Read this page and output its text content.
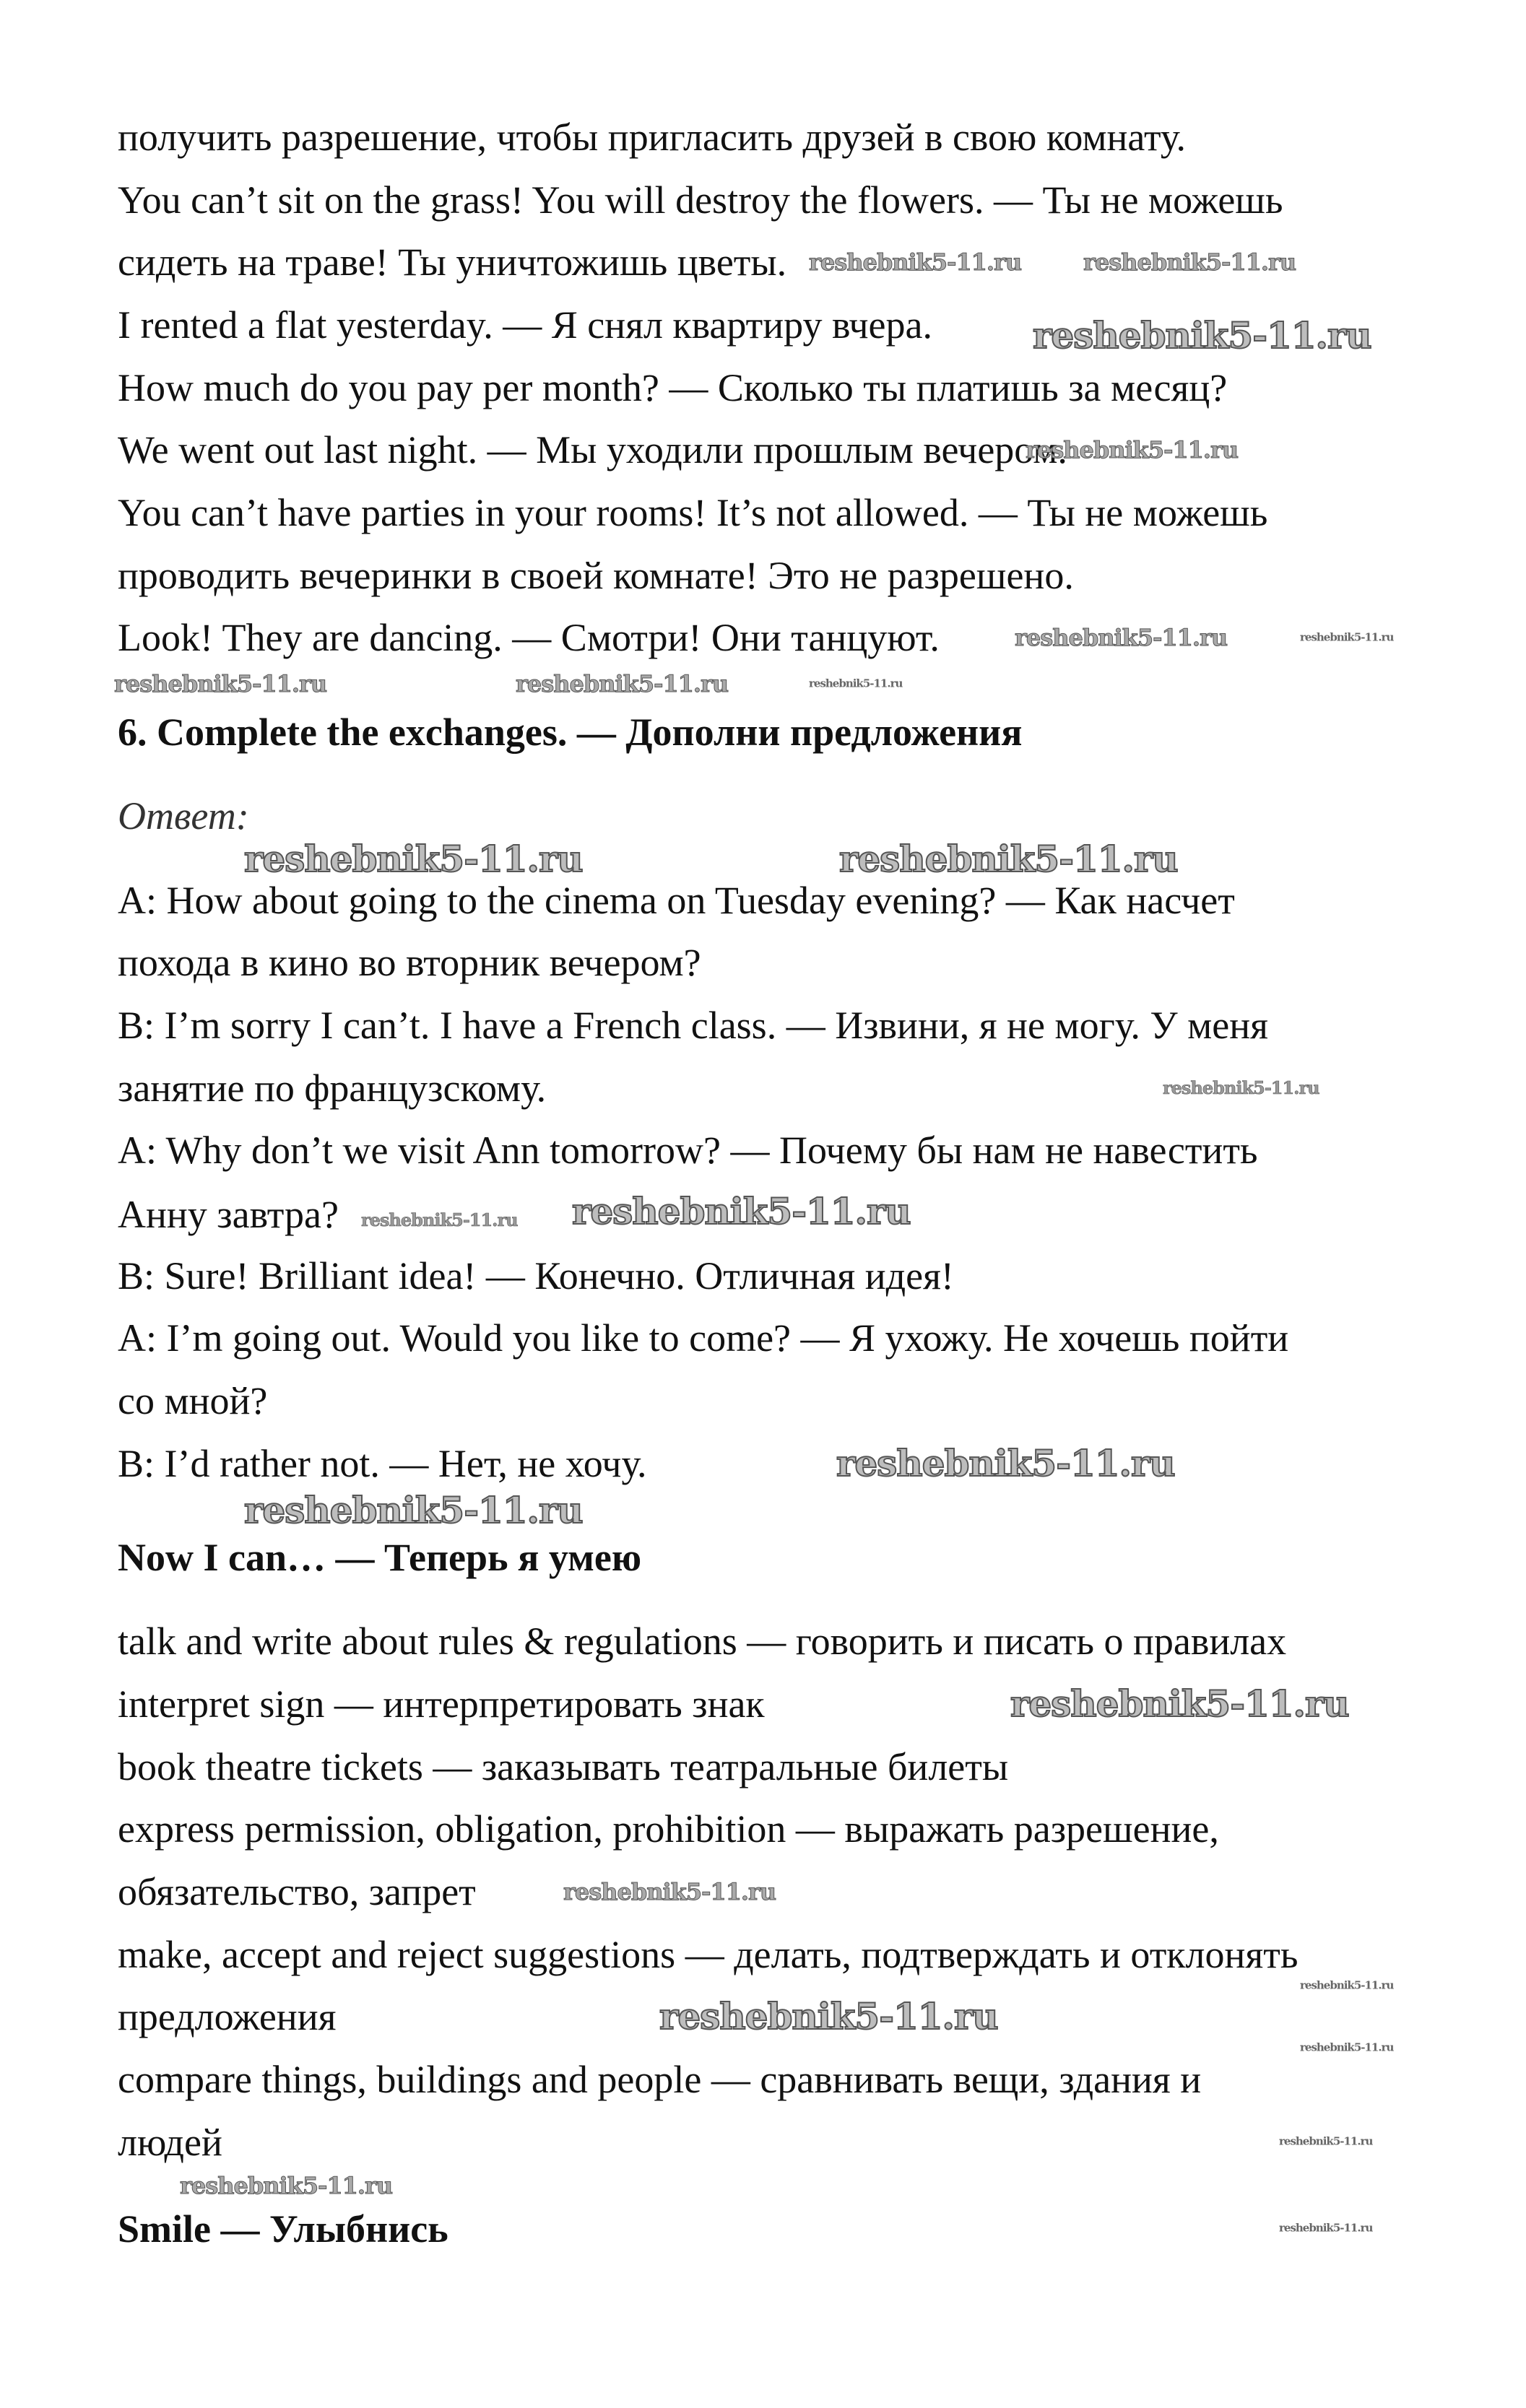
получить разрешение, чтобы пригласить друзей в свою комнату.
You can’t sit on the grass! You will destroy the flowers. — Ты не можешь
сидеть на траве! Ты уничтожишь цветы.
I rented a flat yesterday. — Я снял квартиру вчера.
How much do you pay per month? — Сколько ты платишь за месяц?
We went out last night. — Мы уходили прошлым вечером.
You can’t have parties in your rooms! It’s not allowed. — Ты не можешь
проводить вечеринки в своей комнате! Это не разрешено.
Look! They are dancing. — Смотри! Они танцуют.
6. Complete the exchanges. — Дополни предложения
Ответ:
A: How about going to the cinema on Tuesday evening? — Как насчет
похода в кино во вторник вечером?
B: I’m sorry I can’t. I have a French class. — Извини, я не могу. У меня
занятие по французскому.
A: Why don’t we visit Ann tomorrow? — Почему бы нам не навестить
Анну завтра?
B: Sure! Brilliant idea! — Конечно. Отличная идея!
A: I’m going out. Would you like to come? — Я ухожу. Не хочешь пойти
со мной?
B: I’d rather not. — Нет, не хочу.
Now I can… — Теперь я умею
talk and write about rules & regulations — говорить и писать о правилах
interpret sign — интерпретировать знак
book theatre tickets — заказывать театральные билеты
express permission, obligation, prohibition — выражать разрешение,
обязательство, запрет
make, accept and reject suggestions — делать, подтверждать и отклонять
предложения
compare things, buildings and people — сравнивать вещи, здания и
людей
Smile — Улыбнись
reshebnik5-11.ru
reshebnik5-11.ru	reshebnik5-11.ru
reshebnik5-11.ru
reshebnik5-11.ru
reshebnik5-11.ru
reshebnik5-11.ru
reshebnik5-11.ru
reshebnik5-11.ru	reshebnik5-11.ru
reshebnik5-11.ru
reshebnik5-11.ru	reshebnik5-11.ru
reshebnik5-11.ru
reshebnik5-11.ru
reshebnik5-11.ru
reshebnik5-11.ru
reshebnik5-11.ru
reshebnik5-11.ru
reshebnik5-11.ru
reshebnik5-11.ru
reshebnik5-11.ru
reshebnik5-11.ru
reshebnik5-11.ru
